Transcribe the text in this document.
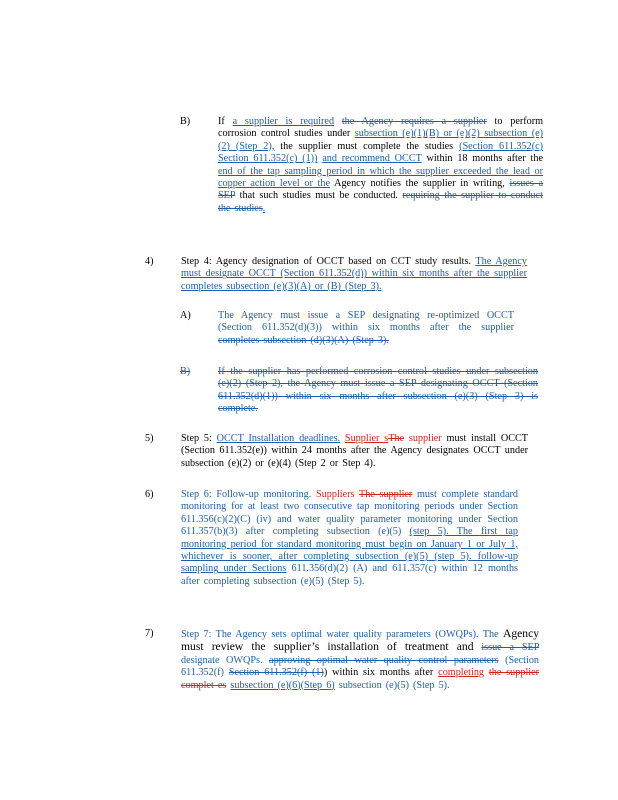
B)	If a supplier is required the Agency requires a supplier to perform corrosion control studies under subsection (e)(1)(B) or (e)(2) subsection (e)(2) (Step 2), the supplier must complete the studies (Section 611.352(c) Section 611.352(c) (1)) and recommend OCCT within 18 months after the end of the tap sampling period in which the supplier exceeded the lead or copper action level or the Agency notifies the supplier in writing, issues a SEP that such studies must be conducted. requiring the supplier to conduct the studies.
4)	Step 4: Agency designation of OCCT based on CCT study results. The Agency must designate OCCT (Section 611.352(d)) within six months after the supplier completes subsection (e)(3)(A) or (B) (Step 3).
A)	The Agency must issue a SEP designating re-optimized OCCT (Section 611.352(d)(3)) within six months after the supplier completes subsection (d)(3)(A) (Step 3).
B)	If the supplier has performed corrosion control studies under subsection (e)(2) (Step 2), the Agency must issue a SEP designating OCCT (Section 611.352(d)(1)) within six months after subsection (e)(3) (Step 3) is complete.
5)	Step 5: OCCT Installation deadlines. Supplier sThe supplier must install OCCT (Section 611.352(e)) within 24 months after the Agency designates OCCT under subsection (e)(2) or (e)(4) (Step 2 or Step 4).
6)	Step 6: Follow-up monitoring. Suppliers The supplier must complete standard monitoring for at least two consecutive tap monitoring periods under Section 611.356(c)(2)(C) (iv) and water quality parameter monitoring under Section 611.357(b)(3) after completing subsection (e)(5) (step 5). The first tap monitoring period for standard monitoring must begin on January 1 or July 1, whichever is sooner, after completing subsection (e)(5) (step 5). follow-up sampling under Sections 611.356(d)(2) (A) and 611.357(c) within 12 months after completing subsection (e)(5) (Step 5).
7)	Step 7: The Agency sets optimal water quality parameters (OWQPs). The Agency must review the supplier’s installation of treatment and issue a SEP designate OWQPs. approving optimal water quality control parameters (Section 611.352(f) Section 611.352(f) (1)) within six months after completing the supplier complet es subsection (e)(6)(Step 6) subsection (e)(5) (Step 5).
